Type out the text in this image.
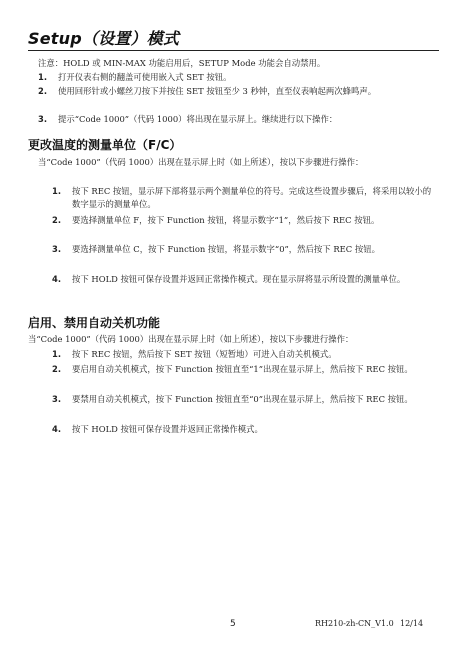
Setup（设置）模式
注意：HOLD 或 MIN-MAX 功能启用后，SETUP Mode 功能会自动禁用。
1.	打开仪表右侧的翻盖可使用嵌入式 SET 按钮。
2.	使用回形针或小螺丝刀按下并按住 SET 按钮至少 3 秒钟，直至仪表响起两次蜂鸣声。
3.	提示“Code 1000”（代码 1000）将出现在显示屏上。继续进行以下操作：
更改温度的测量单位（F/C）
当“Code 1000”（代码 1000）出现在显示屏上时（如上所述），按以下步骤进行操作：
1.	按下 REC 按钮，显示屏下部将显示两个测量单位的符号。完成这些设置步骤后，将采用以较小的数字显示的测量单位。
2.	要选择测量单位 F，按下 Function 按钮，将显示数字“1”，然后按下 REC 按钮。
3.	要选择测量单位 C，按下 Function 按钮，将显示数字“0”，然后按下 REC 按钮。
4.	按下 HOLD 按钮可保存设置并返回正常操作模式。现在显示屏将显示所设置的测量单位。
启用、禁用自动关机功能
当“Code 1000”（代码 1000）出现在显示屏上时（如上所述），按以下步骤进行操作：
1.	按下 REC 按钮，然后按下 SET 按钮（短暂地）可进入自动关机模式。
2.	要启用自动关机模式，按下 Function 按钮直至“1”出现在显示屏上，然后按下 REC 按钮。
3.	要禁用自动关机模式，按下 Function 按钮直至“0”出现在显示屏上，然后按下 REC 按钮。
4.	按下 HOLD 按钮可保存设置并返回正常操作模式。
5	RH210-zh-CN_V1.0 12/14
